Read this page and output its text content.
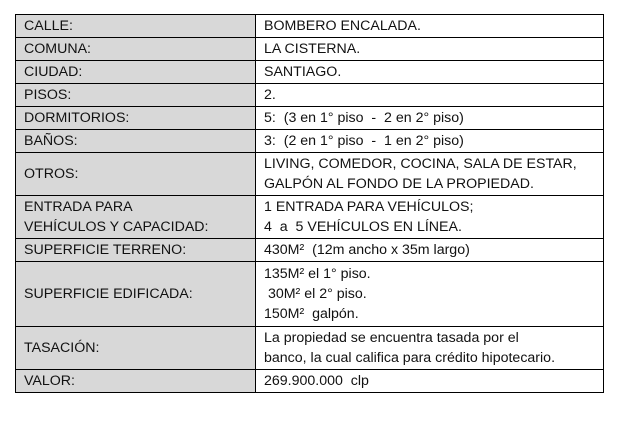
CALLE:	BOMBERO ENCALADA.

COMUNA:	LA CISTERNA.

CIUDAD:	SANTIAGO.

PISOS:	2.

DORMITORIOS:	5:  (3 en 1° piso  -  2 en 2° piso)

BAÑOS:	3:  (2 en 1° piso  -  1 en 2° piso)

OTROS:	LIVING, COMEDOR, COCINA, SALA DE ESTAR,
GALPÓN AL FONDO DE LA PROPIEDAD.

ENTRADA PARA
VEHÍCULOS Y CAPACIDAD:	1 ENTRADA PARA VEHÍCULOS;
4  a  5 VEHÍCULOS EN LÍNEA.

SUPERFICIE TERRENO:	430M²  (12m ancho x 35m largo)

SUPERFICIE EDIFICADA:	135M² el 1° piso.
30M² el 2° piso.
150M²  galpón.

TASACIÓN:	La propiedad se encuentra tasada por el
banco, la cual califica para crédito hipotecario.

VALOR:	269.900.000  clp
